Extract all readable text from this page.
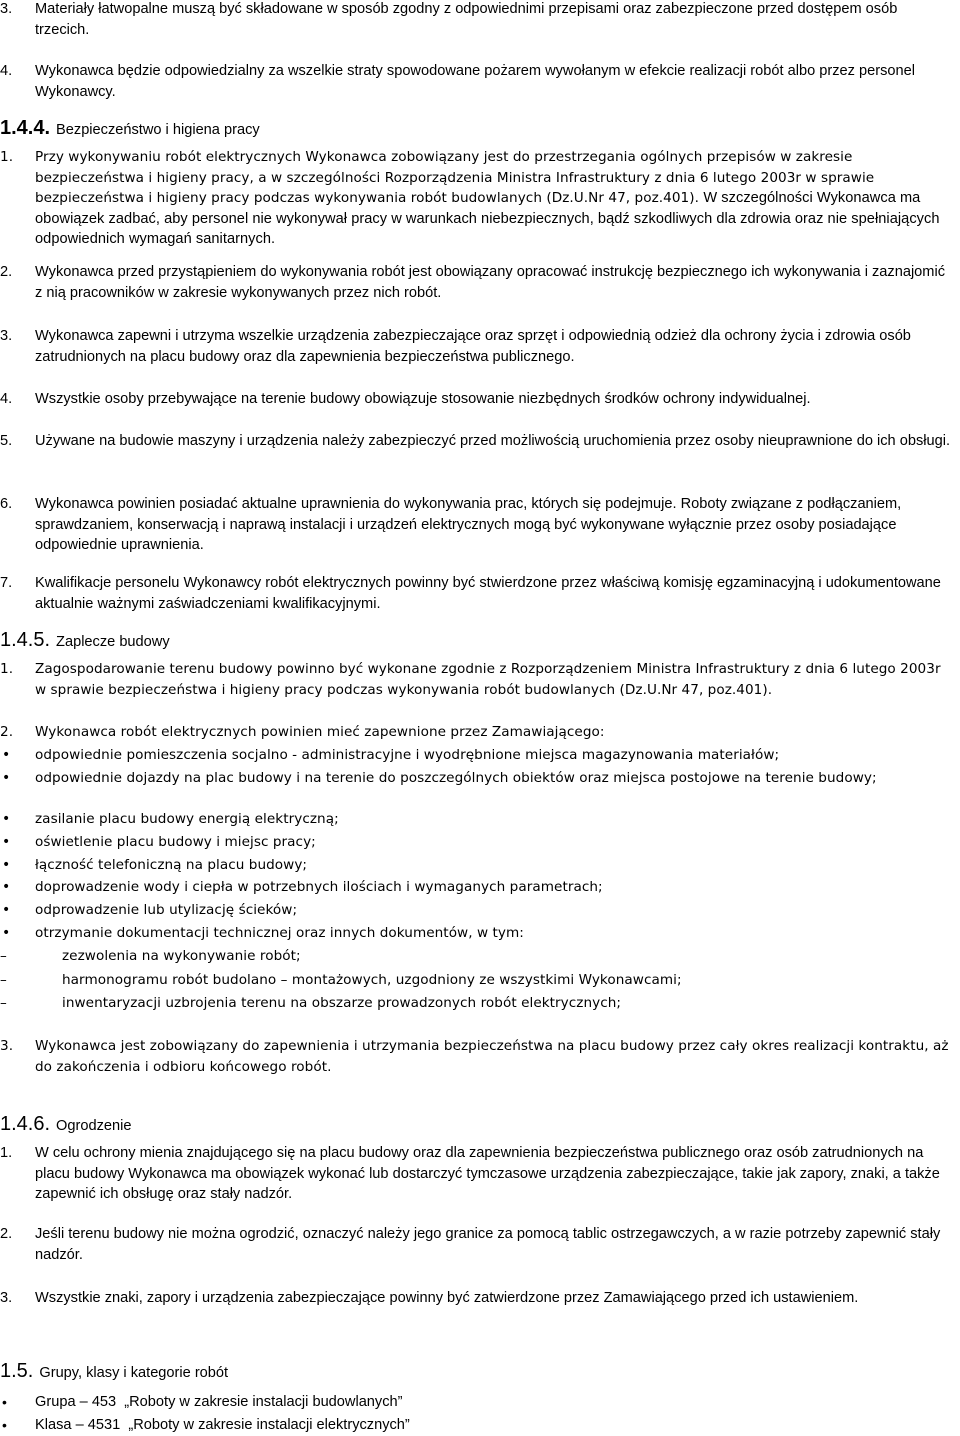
3. Materiały łatwopalne muszą być składowane w sposób zgodny z odpowiednimi przepisami oraz zabezpieczone przed dostępem osób trzecich.
4. Wykonawca będzie odpowiedzialny za wszelkie straty spowodowane pożarem wywołanym w efekcie realizacji robót albo przez personel Wykonawcy.
1.4.4. Bezpieczeństwo i higiena pracy
1. Przy wykonywaniu robót elektrycznych Wykonawca zobowiązany jest do przestrzegania ogólnych przepisów w zakresie bezpieczeństwa i higieny pracy, a w szczególności Rozporządzenia Ministra Infrastruktury z dnia 6 lutego 2003r w sprawie bezpieczeństwa i higieny pracy podczas wykonywania robót budowlanych (Dz.U.Nr 47, poz.401). W szczególności Wykonawca ma obowiązek zadbać, aby personel nie wykonywał pracy w warunkach niebezpiecznych, bądź szkodliwych dla zdrowia oraz nie spełniających odpowiednich wymagań sanitarnych.
2. Wykonawca przed przystąpieniem do wykonywania robót jest obowiązany opracować instrukcję bezpiecznego ich wykonywania i zaznajomić z nią pracowników w zakresie wykonywanych przez nich robót.
3. Wykonawca zapewni i utrzyma wszelkie urządzenia zabezpieczające oraz sprzęt i odpowiednią odzież dla ochrony życia i zdrowia osób zatrudnionych na placu budowy oraz dla zapewnienia bezpieczeństwa publicznego.
4. Wszystkie osoby przebywające na terenie budowy obowiązuje stosowanie niezbędnych środków ochrony indywidualnej.
5. Używane na budowie maszyny i urządzenia należy zabezpieczyć przed możliwością uruchomienia przez osoby nieuprawnione do ich obsługi.
6. Wykonawca powinien posiadać aktualne uprawnienia do wykonywania prac, których się podejmuje. Roboty związane z podłączaniem, sprawdzaniem, konserwacją i naprawą instalacji i urządzeń elektrycznych mogą być wykonywane wyłącznie przez osoby posiadające odpowiednie uprawnienia.
7. Kwalifikacje personelu Wykonawcy robót elektrycznych powinny być stwierdzone przez właściwą komisję egzaminacyjną i udokumentowane aktualnie ważnymi zaświadczeniami kwalifikacyjnymi.
1.4.5. Zaplecze budowy
1. Zagospodarowanie terenu budowy powinno być wykonane zgodnie z Rozporządzeniem Ministra Infrastruktury z dnia 6 lutego 2003r w sprawie bezpieczeństwa i higieny pracy podczas wykonywania robót budowlanych (Dz.U.Nr 47, poz.401).
2. Wykonawca robót elektrycznych powinien mieć zapewnione przez Zamawiającego:
•	odpowiednie pomieszczenia socjalno - administracyjne i wyodrębnione miejsca magazynowania materiałów;
•	odpowiednie dojazdy na plac budowy i na terenie do poszczególnych obiektów oraz miejsca postojowe na terenie budowy;
•	zasilanie placu budowy energią elektryczną;
•	oświetlenie placu budowy i miejsc pracy;
•	łączność telefoniczną na placu budowy;
•	doprowadzenie wody i ciepła w potrzebnych ilościach i wymaganych parametrach;
•	odprowadzenie lub utylizację ścieków;
•	otrzymanie dokumentacji technicznej oraz innych dokumentów, w tym:
–	zezwolenia na wykonywanie robót;
–	harmonogramu robót budolano – montażowych, uzgodniony ze wszystkimi Wykonawcami;
–	inwentaryzacji uzbrojenia terenu na obszarze prowadzonych robót elektrycznych;
3. Wykonawca jest zobowiązany do zapewnienia i utrzymania bezpieczeństwa na placu budowy przez cały okres realizacji kontraktu, aż do zakończenia i odbioru końcowego robót.
1.4.6. Ogrodzenie
1. W celu ochrony mienia znajdującego się na placu budowy oraz dla zapewnienia bezpieczeństwa publicznego oraz osób zatrudnionych na placu budowy Wykonawca ma obowiązek wykonać lub dostarczyć tymczasowe urządzenia zabezpieczające, takie jak zapory, znaki, a także zapewnić ich obsługę oraz stały nadzór.
2. Jeśli terenu budowy nie można ogrodzić, oznaczyć należy jego granice za pomocą tablic ostrzegawczych, a w razie potrzeby zapewnić stały nadzór.
3. Wszystkie znaki, zapory i urządzenia zabezpieczające powinny być zatwierdzone przez Zamawiającego przed ich ustawieniem.
1.5. Grupy, klasy i kategorie robót
•	Grupa – 453 „Roboty w zakresie instalacji budowlanych”
•	Klasa – 4531 „Roboty w zakresie instalacji elektrycznych”
